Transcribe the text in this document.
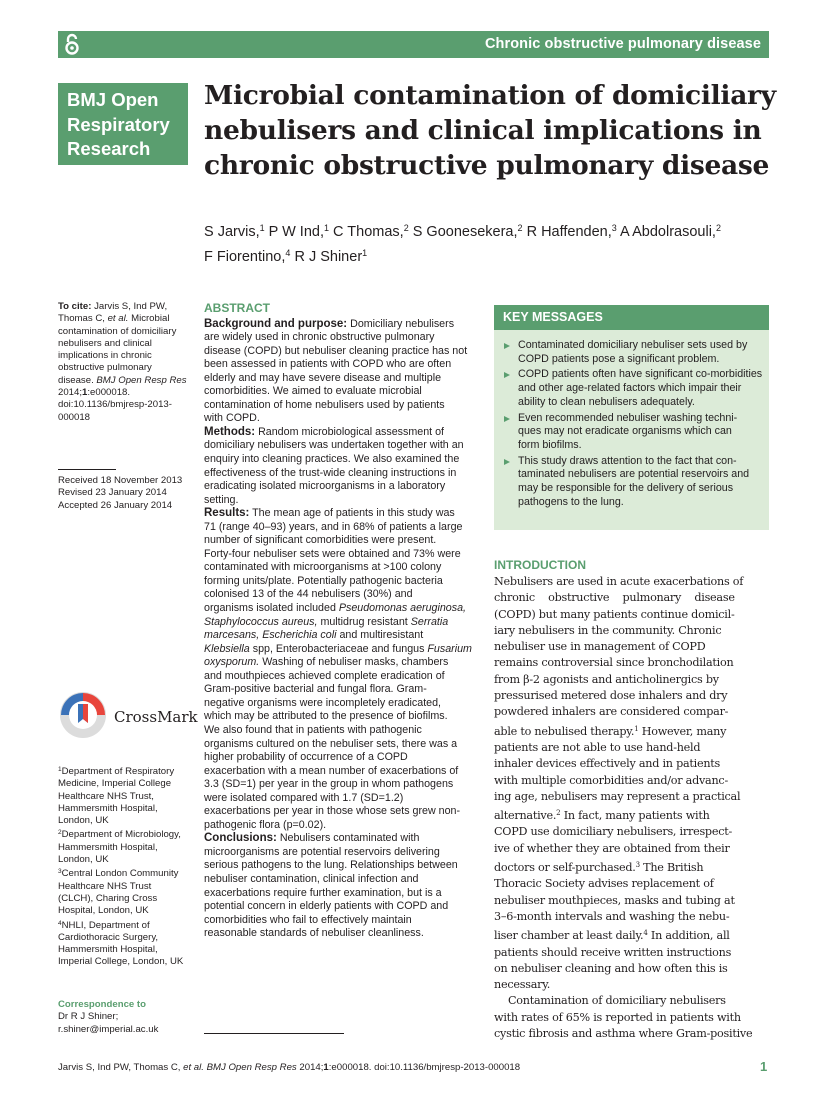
Chronic obstructive pulmonary disease
BMJ Open
Respiratory
Research
Microbial contamination of domiciliary
nebulisers and clinical implications in
chronic obstructive pulmonary disease
S Jarvis,$^1$ P W Ind,$^1$ C Thomas,$^2$ S Goonesekera,$^2$ R Haffenden,$^3$ A Abdolrasouli,$^2$
F Fiorentino,$^4$ R J Shiner$^1$
To cite: Jarvis S, Ind PW,
Thomas C, et al. Microbial
contamination of domiciliary
nebulisers and clinical
implications in chronic
obstructive pulmonary
disease. BMJ Open Resp Res
2014;1:e000018.
doi:10.1136/bmjresp-2013-
000018
Received 18 November 2013
Revised 23 January 2014
Accepted 26 January 2014
CrossMark
$^1$Department of Respiratory
Medicine, Imperial College
Healthcare NHS Trust,
Hammersmith Hospital,
London, UK
$^2$Department of Microbiology,
Hammersmith Hospital,
London, UK
$^3$Central London Community
Healthcare NHS Trust
(CLCH), Charing Cross
Hospital, London, UK
$^4$NHLI, Department of
Cardiothoracic Surgery,
Hammersmith Hospital,
Imperial College, London, UK
Correspondence to
Dr R J Shiner;
r.shiner@imperial.ac.uk
ABSTRACT
Background and purpose: Domiciliary nebulisers
are widely used in chronic obstructive pulmonary
disease (COPD) but nebuliser cleaning practice has not
been assessed in patients with COPD who are often
elderly and may have severe disease and multiple
comorbidities. We aimed to evaluate microbial
contamination of home nebulisers used by patients
with COPD.
Methods: Random microbiological assessment of
domiciliary nebulisers was undertaken together with an
enquiry into cleaning practices. We also examined the
effectiveness of the trust-wide cleaning instructions in
eradicating isolated microorganisms in a laboratory
setting.
Results: The mean age of patients in this study was
71 (range 40–93) years, and in 68% of patients a large
number of significant comorbidities were present.
Forty-four nebuliser sets were obtained and 73% were
contaminated with microorganisms at >100 colony
forming units/plate. Potentially pathogenic bacteria
colonised 13 of the 44 nebulisers (30%) and
organisms isolated included Pseudomonas aeruginosa,
Staphylococcus aureus, multidrug resistant Serratia
marcesans, Escherichia coli and multiresistant
Klebsiella spp, Enterobacteriaceae and fungus Fusarium
oxysporum. Washing of nebuliser masks, chambers
and mouthpieces achieved complete eradication of
Gram-positive bacterial and fungal flora. Gram-
negative organisms were incompletely eradicated,
which may be attributed to the presence of biofilms.
We also found that in patients with pathogenic
organisms cultured on the nebuliser sets, there was a
higher probability of occurrence of a COPD
exacerbation with a mean number of exacerbations of
3.3 (SD=1) per year in the group in whom pathogens
were isolated compared with 1.7 (SD=1.2)
exacerbations per year in those whose sets grew non-
pathogenic flora (p=0.02).
Conclusions: Nebulisers contaminated with
microorganisms are potential reservoirs delivering
serious pathogens to the lung. Relationships between
nebuliser contamination, clinical infection and
exacerbations require further examination, but is a
potential concern in elderly patients with COPD and
comorbidities who fail to effectively maintain
reasonable standards of nebuliser cleanliness.
KEY MESSAGES
Contaminated domiciliary nebuliser sets used by
COPD patients pose a significant problem.
COPD patients often have significant co-morbidities
and other age-related factors which impair their
ability to clean nebulisers adequately.
Even recommended nebuliser washing techni-
ques may not eradicate organisms which can
form biofilms.
This study draws attention to the fact that con-
taminated nebulisers are potential reservoirs and
may be responsible for the delivery of serious
pathogens to the lung.
INTRODUCTION
Nebulisers are used in acute exacerbations of
chronic    obstructive    pulmonary    disease
(COPD) but many patients continue domicil-
iary nebulisers in the community. Chronic
nebuliser use in management of COPD
remains controversial since bronchodilation
from β-2 agonists and anticholinergics by
pressurised metered dose inhalers and dry
powdered inhalers are considered compar-
able to nebulised therapy.$^1$ However, many
patients are not able to use hand-held
inhaler devices effectively and in patients
with multiple comorbidities and/or advanc-
ing age, nebulisers may represent a practical
alternative.$^2$ In fact, many patients with
COPD use domiciliary nebulisers, irrespect-
ive of whether they are obtained from their
doctors or self-purchased.$^3$ The British
Thoracic Society advises replacement of
nebuliser mouthpieces, masks and tubing at
3–6-month intervals and washing the nebu-
liser chamber at least daily.$^4$ In addition, all
patients should receive written instructions
on nebuliser cleaning and how often this is
necessary.
Contamination of domiciliary nebulisers
with rates of 65% is reported in patients with
cystic fibrosis and asthma where Gram-positive
Jarvis S, Ind PW, Thomas C, et al. BMJ Open Resp Res 2014;1:e000018. doi:10.1136/bmjresp-2013-000018	1
